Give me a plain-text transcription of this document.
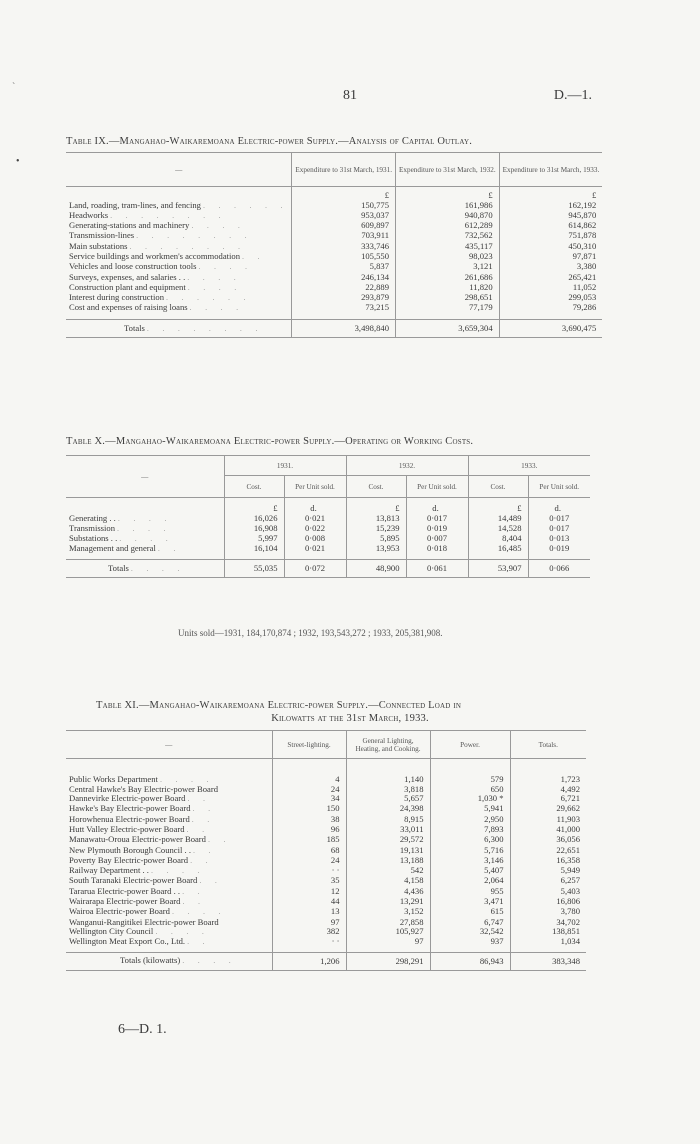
81	D.—1.
`
•
Table IX.—Mangahao-Waikaremoana Electric-power Supply.—Analysis of Capital Outlay.
—	Expenditure to 31st March, 1931.	Expenditure to 31st March, 1932.	Expenditure to 31st March, 1933.
	£	£	£
Land, roading, tram-lines, and fencing . . . . . .	150,775	161,986	162,192
Headworks . . . . . . . .	953,037	940,870	945,870
Generating-stations and machinery . . . .	609,897	612,289	614,862
Transmission-lines . . . . . . . .	703,911	732,562	751,878
Main substations . . . . . . . .	333,746	435,117	450,310
Service buildings and workmen's accommodation . .	105,550	98,023	97,871
Vehicles and loose construction tools . . . .	5,837	3,121	3,380
Surveys, expenses, and salaries . . . . . .	246,134	261,686	265,421
Construction plant and equipment . . . .	22,889	11,820	11,052
Interest during construction . . . . . .	293,879	298,651	299,053
Cost and expenses of raising loans . . . .	73,215	77,179	79,286

Totals . . . . . . . .	3,498,840	3,659,304	3,690,475
Table X.—Mangahao-Waikaremoana Electric-power Supply.—Operating or Working Costs.
—	1931.		1932.		1933.	
	Cost.	Per Unit sold.	Cost.	Per Unit sold.	Cost.	Per Unit sold.
	£	d.	£	d.	£	d.
Generating . . . . . .	16,026	0·021	13,813	0·017	14,489	0·017
Transmission . . . .	16,908	0·022	15,239	0·019	14,528	0·017
Substations . . . . . .	5,997	0·008	5,895	0·007	8,404	0·013
Management and general . .	16,104	0·021	13,953	0·018	16,485	0·019

Totals . . . .	55,035	0·072	48,900	0·061	53,907	0·066
Units sold—1931, 184,170,874 ; 1932, 193,543,272 ; 1933, 205,381,908.
Table XI.—Mangahao-Waikaremoana Electric-power Supply.—Connected Load in
Kilowatts at the 31st March, 1933.
—	Street-lighting.	General Lighting, Heating, and Cooking.	Power.	Totals.

Public Works Department . . . .	4	1,140	579	1,723
Central Hawke's Bay Electric-power Board	24	3,818	650	4,492
Dannevirke Electric-power Board . .	34	5,657	1,030 *	6,721
Hawke's Bay Electric-power Board . .	150	24,398	5,941	29,662
Horowhenua Electric-power Board . .	38	8,915	2,950	11,903
Hutt Valley Electric-power Board . .	96	33,011	7,893	41,000
Manawatu-Oroua Electric-power Board . .	185	29,572	6,300	36,056
New Plymouth Borough Council . . . .	68	19,131	5,716	22,651
Poverty Bay Electric-power Board . .	24	13,188	3,146	16,358
Railway Department . . . . . .	· ·	542	5,407	5,949
South Taranaki Electric-power Board . .	35	4,158	2,064	6,257
Tararua Electric-power Board . . . .	12	4,436	955	5,403
Wairarapa Electric-power Board . .	44	13,291	3,471	16,806
Wairoa Electric-power Board . . . .	13	3,152	615	3,780
Wanganui-Rangitikei Electric-power Board	97	27,858	6,747	34,702
Wellington City Council . . . .	382	105,927	32,542	138,851
Wellington Meat Export Co., Ltd. . .	· ·	97	937	1,034

Totals (kilowatts) . . . .	1,206	298,291	86,943	383,348
6—D. 1.
